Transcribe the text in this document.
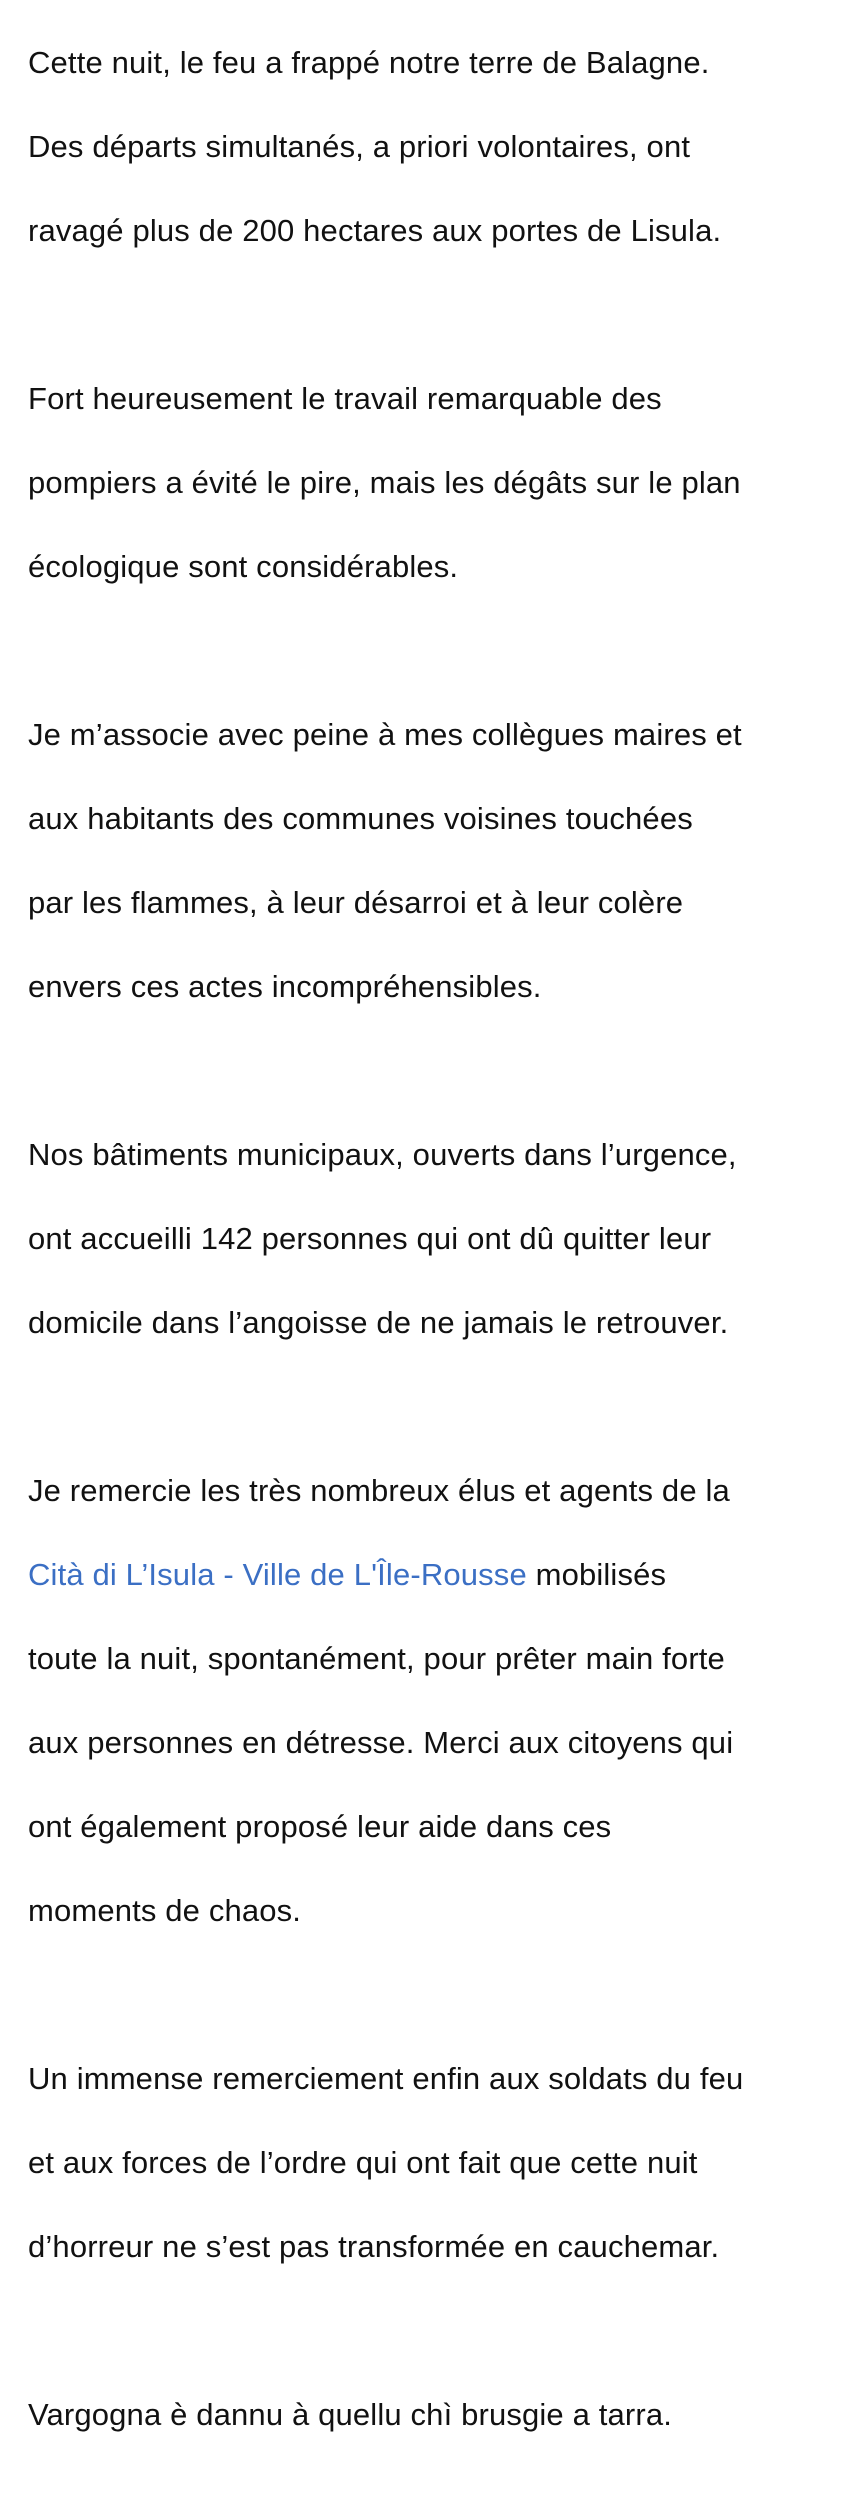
Cette nuit, le feu a frappé notre terre de Balagne.

Des départs simultanés, a priori volontaires, ont

ravagé plus de 200 hectares aux portes de Lisula.

Fort heureusement le travail remarquable des

pompiers a évité le pire, mais les dégâts sur le plan

écologique sont considérables.

Je m’associe avec peine à mes collègues maires et

aux habitants des communes voisines touchées

par les flammes, à leur désarroi et à leur colère

envers ces actes incompréhensibles.

Nos bâtiments municipaux, ouverts dans l’urgence,

ont accueilli 142 personnes qui ont dû quitter leur

domicile dans l’angoisse de ne jamais le retrouver.

Je remercie les très nombreux élus et agents de la

Cità di L’Isula - Ville de L'Île-Rousse mobilisés

toute la nuit, spontanément, pour prêter main forte

aux personnes en détresse. Merci aux citoyens qui

ont également proposé leur aide dans ces

moments de chaos.

Un immense remerciement enfin aux soldats du feu

et aux forces de l’ordre qui ont fait que cette nuit

d’horreur ne s’est pas transformée en cauchemar.

Vargogna è dannu à quellu chì brusgie a tarra.
